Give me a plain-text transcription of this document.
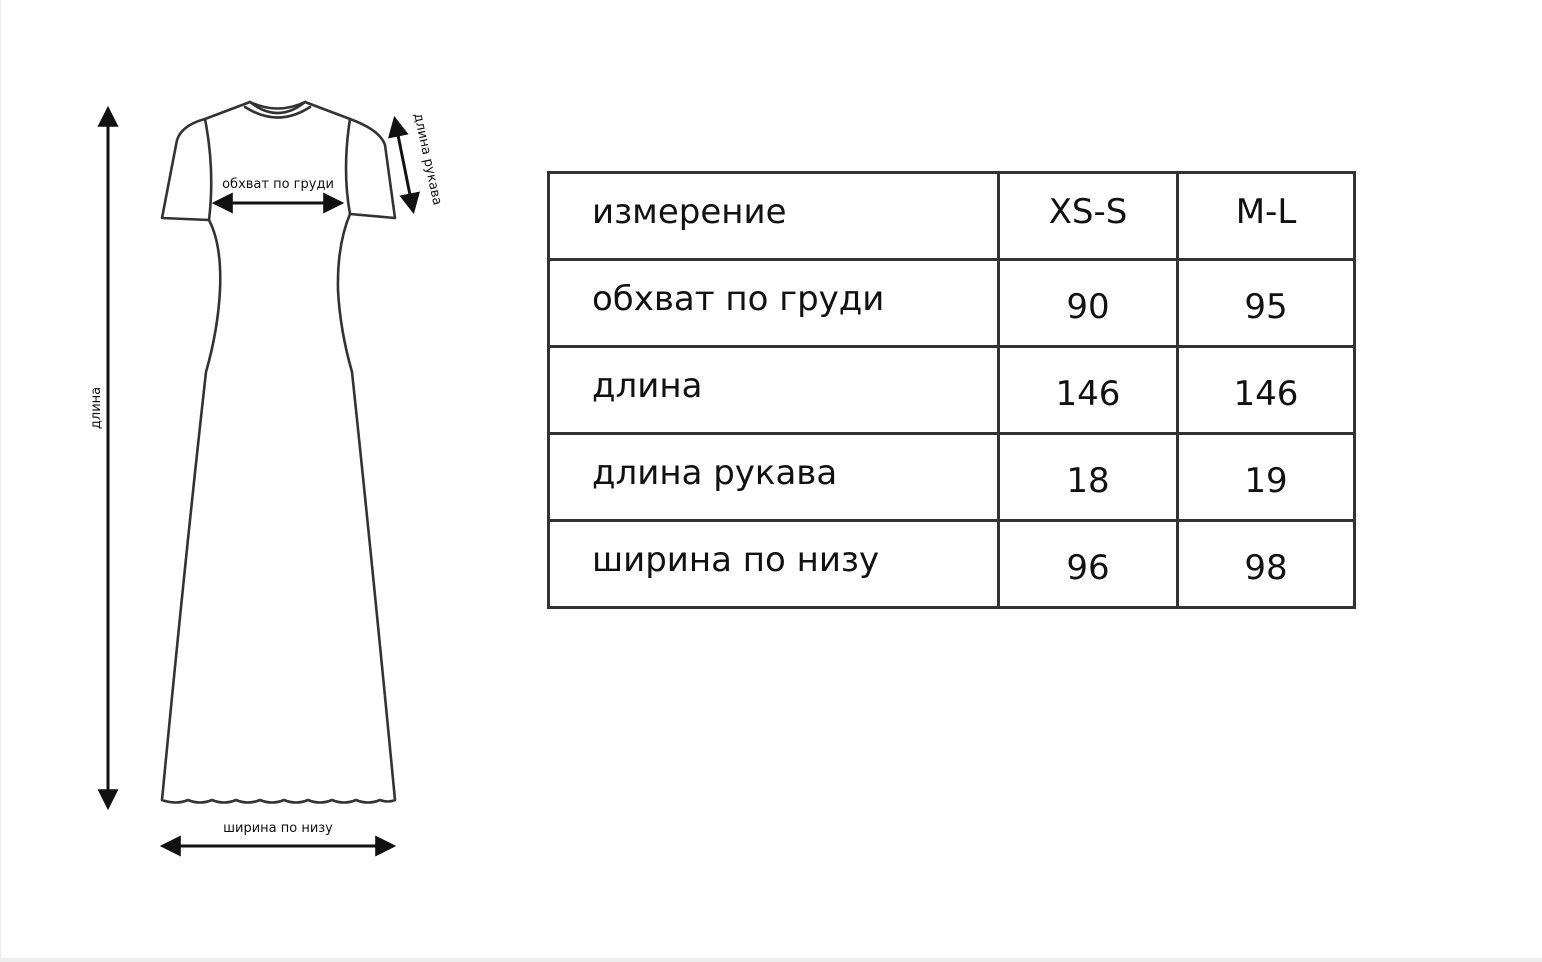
длина
обхват по груди	длина рукава
ширина по низу
измерение	XS-S	M-L
обхват по груди	90	95
длина	146	146
длина рукава	18	19
ширина по низу	96	98
